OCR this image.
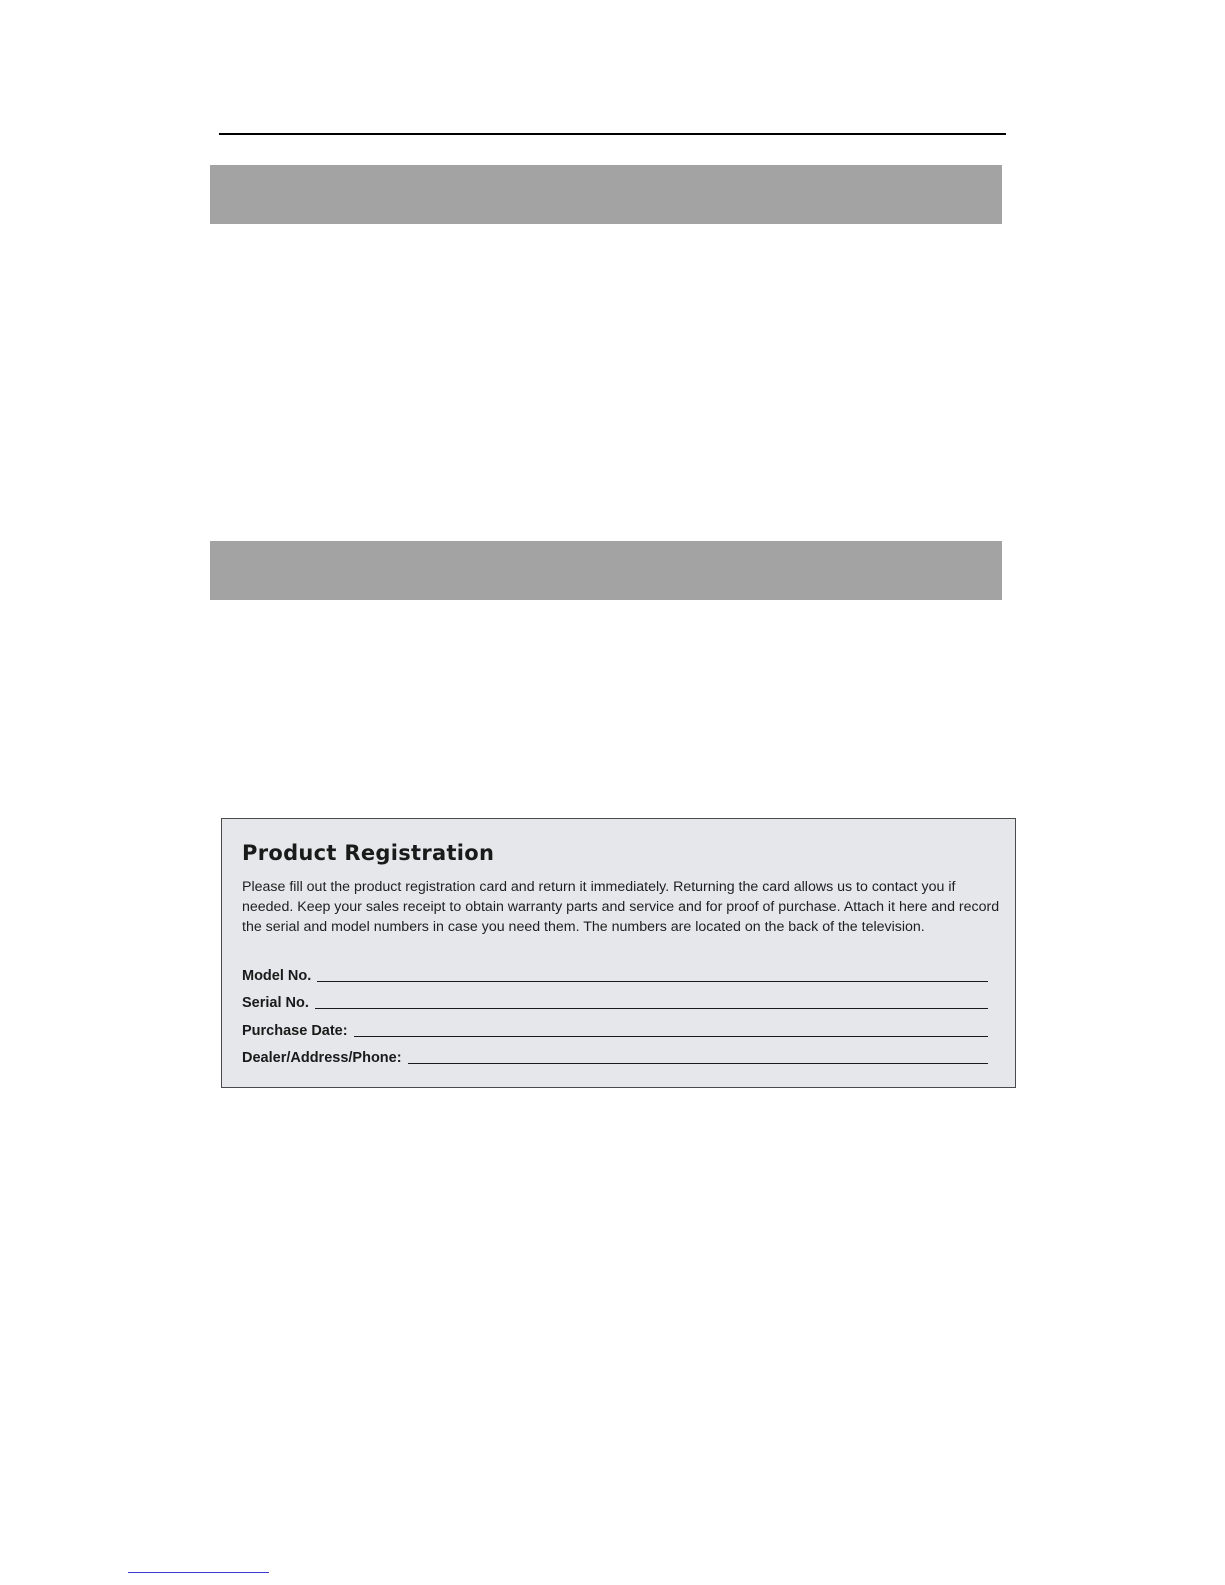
Product Registration

Please fill out the product registration card and return it immediately. Returning the card allows us to contact you if needed. Keep your sales receipt to obtain warranty parts and service and for proof of purchase. Attach it here and record the serial and model numbers in case you need them. The numbers are located on the back of the television.

Model No.
Serial No.
Purchase Date:
Dealer/Address/Phone:
